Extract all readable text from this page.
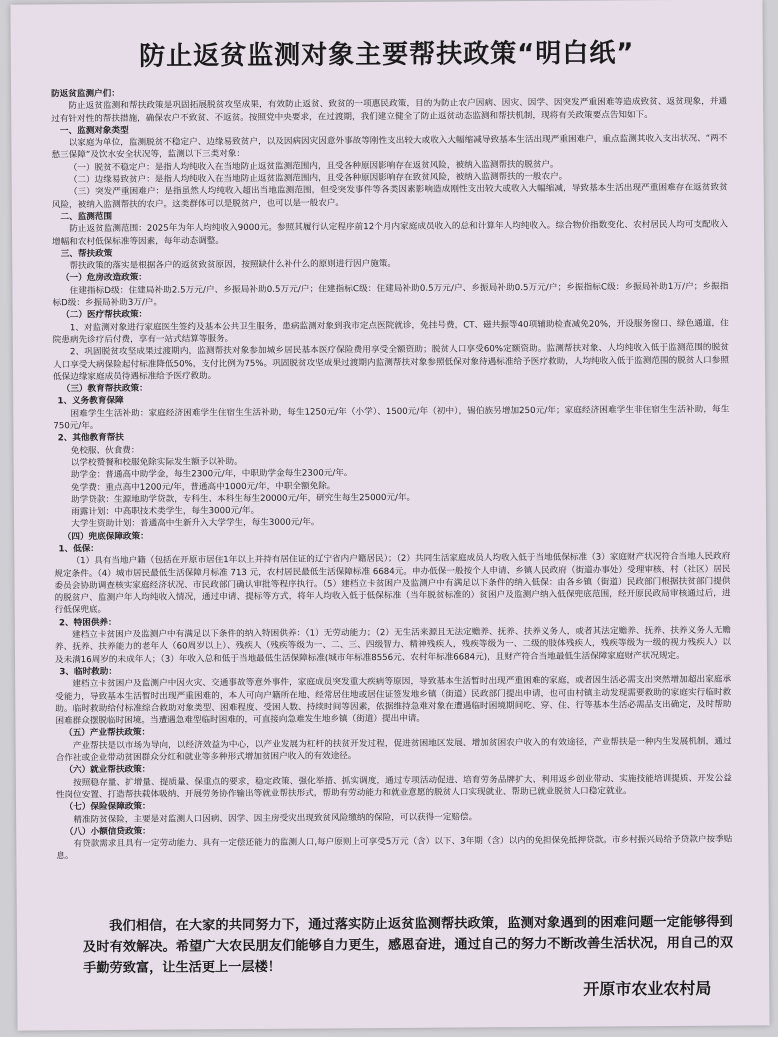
防止返贫监测对象主要帮扶政策“明白纸”

防返贫监测户们：

防止返贫监测和帮扶政策是巩固拓展脱贫攻坚成果，有效防止返贫、致贫的一项惠民政策，目的为防止农户因病、因灾、因学、因突发严重困难等造成致贫、返贫现象，并通过有针对性的帮扶措施，确保农户不致贫、不返贫。按照党中央要求，在过渡期，我们建立健全了防止返贫动态监测和帮扶机制，现将有关政策要点告知如下。

一、监测对象类型

以家庭为单位，监测脱贫不稳定户、边缘易致贫户，以及因病因灾因意外事故等刚性支出较大或收入大幅缩减导致基本生活出现严重困难户，重点监测其收入支出状况、“两不愁三保障”及饮水安全状况等，监测以下三类对象：

（一）脱贫不稳定户：是指人均纯收入在当地防止返贫监测范围内，且受各种原因影响存在返贫风险，被纳入监测帮扶的脱贫户。

（二）边缘易致贫户：是指人均纯收入在当地防止返贫监测范围内，且受各种原因影响存在致贫风险，被纳入监测帮扶的一般农户。

（三）突发严重困难户：是指虽然人均纯收入超出当地监测范围，但受突发事件等各类因素影响造成刚性支出较大或收入大幅缩减，导致基本生活出现严重困难存在返贫致贫风险，被纳入监测帮扶的农户。这类群体可以是脱贫户，也可以是一般农户。

二、监测范围

防止返贫监测范围：2025年为年人均纯收入9000元。参照其履行认定程序前12个月内家庭成员收入的总和计算年人均纯收入。综合物价指数变化、农村居民人均可支配收入增幅和农村低保标准等因素，每年动态调整。

三、帮扶政策

帮扶政策的落实是根据各户的返贫致贫原因，按照缺什么补什么的原则进行因户施策。

（一）危房改造政策：

住建指标D级：住建局补助2.5万元/户、乡振局补助0.5万元/户；住建指标C级：住建局补助0.5万元/户、乡振局补助0.5万元/户；乡振指标C级：乡振局补助1万/户；乡振指标D级：乡振局补助3万/户。

（二）医疗帮扶政策：

1、对监测对象进行家庭医生签约及基本公共卫生服务，患病监测对象到我市定点医院就诊，免挂号费，CT、磁共振等40项辅助检查减免20%，开设服务窗口、绿色通道，住院患病先诊疗后付费，享有一站式结算等服务。

2、巩固脱贫攻坚成果过渡期内，监测帮扶对象参加城乡居民基本医疗保险费用享受全额资助；脱贫人口享受60%定额资助。监测帮扶对象、人均纯收入低于监测范围的脱贫人口享受大病保险起付标准降低50%，支付比例为75%。巩固脱贫攻坚成果过渡期内监测帮扶对象参照低保对象待遇标准给予医疗救助，人均纯收入低于监测范围的脱贫人口参照低保边缘家庭成员待遇标准给予医疗救助。

（三）教育帮扶政策：

1、义务教育保障

困难学生生活补助：家庭经济困难学生住宿生生活补助，每生1250元/年（小学）、1500元/年（初中），锡伯族另增加250元/年；家庭经济困难学生非住宿生生活补助，每生750元/年。

2、其他教育帮扶

免校服、伙食费：

以学校赞餐和校服免除实际发生额予以补助。

助学金：普通高中助学金，每生2300元/年，中职助学金每生2300元/年。

免学费：重点高中1200元/年，普通高中1000元/年，中职全额免除。

助学贷款：生源地助学贷款，专科生、本科生每生20000元/年，研究生每生25000元/年。

雨露计划：中高职技术类学生，每生3000元/年。

大学生资助计划：普通高中生新升入大学学生，每生3000元/年。

（四）兜底保障政策：

1、低保：

（1）具有当地户籍（包括在开原市居住1年以上并持有居住证的辽宁省内户籍居民）；（2）共同生活家庭成员人均收入低于当地低保标准（3）家庭财产状况符合当地人民政府规定条件。（4）城市居民最低生活保障月标准 713 元，农村居民最低生活保障标准 6684元。申办低保一般按个人申请、乡镇人民政府（街道办事处）受理审核、村（社区）居民委员会协助调查核实家庭经济状况、市民政部门确认审批等程序执行。（5）建档立卡贫困户及监测户中有满足以下条件的纳入低保：由各乡镇（街道）民政部门根据扶贫部门提供的脱贫户、监测户年人均纯收入情况，通过申请、提标等方式，将年人均收入低于低保标准（当年脱贫标准的）贫困户及监测户纳入低保兜底范围，经开原民政局审核通过后，进行低保兜底。

2、特困供养：

建档立卡贫困户及监测户中有满足以下条件的纳入特困供养：（1）无劳动能力；（2）无生活来源且无法定赡养、抚养、扶养义务人，或者其法定赡养、抚养、扶养义务人无赡养、抚养、扶养能力的老年人（60周岁以上）、残疾人（残疾等级为一、二、三、四级智力、精神残疾人，残疾等级为一、二级的肢体残疾人，残疾等级为一级的视力残疾人）以及未满16周岁的未成年人；（3）年收入总和低于当地最低生活保障标准(城市年标准8556元、农村年标准6684元)，且财产符合当地最低生活保障家庭财产状况规定。

3、临时救助：

建档立卡贫困户及监测户中因火灾、交通事故等意外事件，家庭成员突发重大疾病等原因，导致基本生活暂时出现严重困难的家庭，或者因生活必需支出突然增加超出家庭承受能力，导致基本生活暂时出现严重困难的，本人可向户籍所在地、经常居住地或居住证签发地乡镇（街道）民政部门提出申请，也可由村镇主动发现需要救助的家庭实行临时救助。临时救助给付标准综合救助对象类型、困难程度、受困人数、持续时间等因素，依据维持急难对象在遭遇临时困境期间吃、穿、住、行等基本生活必需品支出确定，及时帮助困难群众摆脱临时困境。当遭遇急难型临时困难的，可直接向急难发生地乡镇（街道）提出申请。

（五）产业帮扶政策：

产业帮扶是以市场为导向，以经济效益为中心，以产业发展为杠杆的扶贫开发过程，促进贫困地区发展、增加贫困农户收入的有效途径，产业帮扶是一种内生发展机制，通过合作社或企业带动贫困群众分红和就业等多种形式增加贫困户收入的有效途径。

（六）就业帮扶政策：

按照稳存量、扩增量、提质量、保重点的要求，稳定政策、强化举措、抓实调度，通过专项活动促进、培育劳务品牌扩大、利用返乡创业带动、实施技能培训提质、开发公益性岗位安置、打造帮扶载体吸纳、开展劳务协作输出等就业帮扶形式，帮助有劳动能力和就业意愿的脱贫人口实现就业、帮助已就业脱贫人口稳定就业。

（七）保险保障政策：

精准防贫保险，主要是对监测人口因病、因学、因主房受灾出现致贫风险缴纳的保险，可以获得一定赔偿。

（八）小额信贷政策：

有贷款需求且具有一定劳动能力、具有一定偿还能力的监测人口,每户原则上可享受5万元（含）以下、3年期（含）以内的免担保免抵押贷款。市乡村振兴局给予贷款户按季贴息。

我们相信，在大家的共同努力下，通过落实防止返贫监测帮扶政策，监测对象遇到的困难问题一定能够得到及时有效解决。希望广大农民朋友们能够自力更生，感恩奋进，通过自己的努力不断改善生活状况，用自己的双手勤劳致富，让生活更上一层楼！
开原市农业农村局
